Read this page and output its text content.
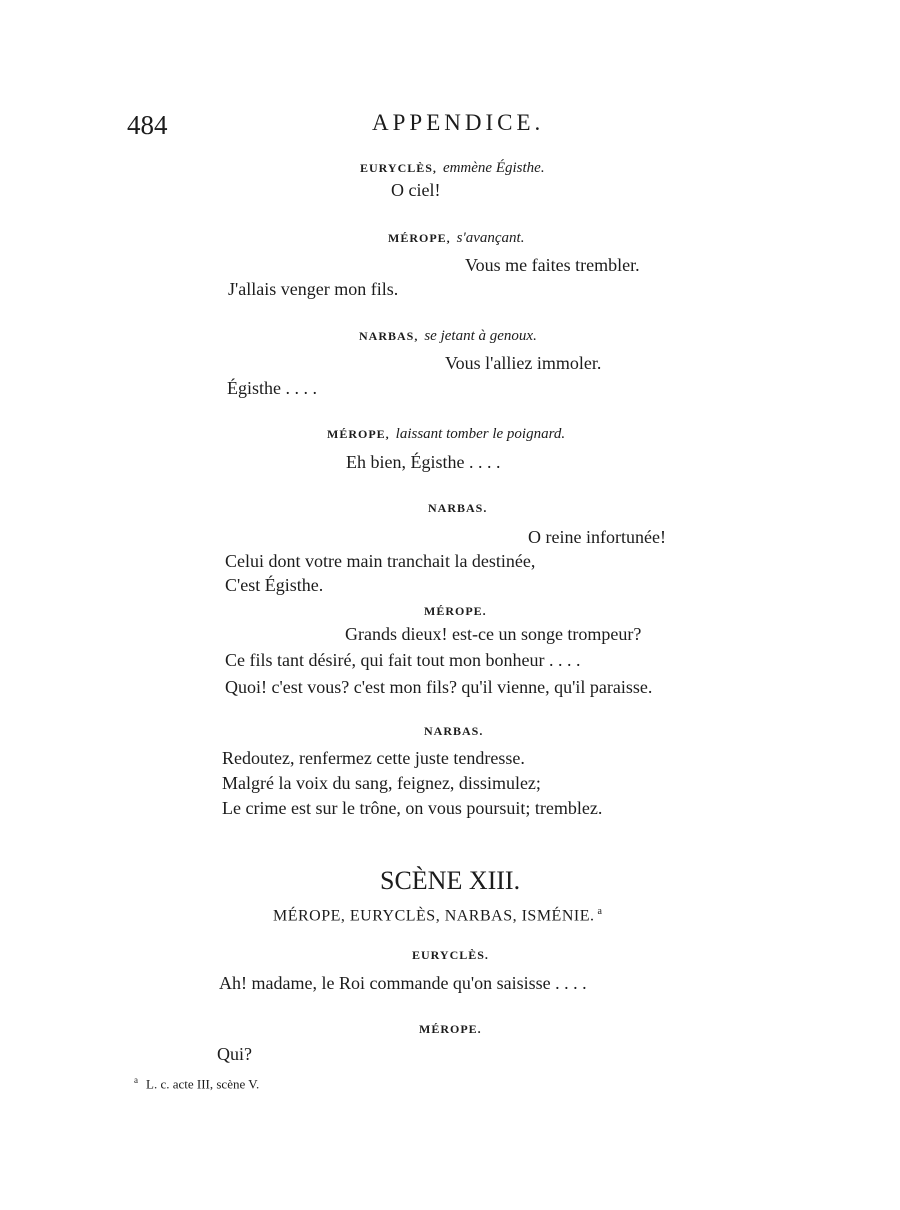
484	APPENDICE.
EURYCLÈS, emmène Égisthe.
O ciel!
MÉROPE, s'avançant.
Vous me faites trembler.
J'allais venger mon fils.
NARBAS, se jetant à genoux.
Vous l'alliez immoler.
Égisthe . . . .
MÉROPE, laissant tomber le poignard.
Eh bien, Égisthe . . . .
NARBAS.
O reine infortunée!
Celui dont votre main tranchait la destinée,
C'est Égisthe.
MÉROPE.
Grands dieux! est-ce un songe trompeur?
Ce fils tant désiré, qui fait tout mon bonheur . . . .
Quoi! c'est vous? c'est mon fils? qu'il vienne, qu'il paraisse.
NARBAS.
Redoutez, renfermez cette juste tendresse.
Malgré la voix du sang, feignez, dissimulez;
Le crime est sur le trône, on vous poursuit; tremblez.
SCÈNE XIII.
MÉROPE, EURYCLÈS, NARBAS, ISMÉNIE. $^a$
EURYCLÈS.
Ah! madame, le Roi commande qu'on saisisse . . . .
MÉROPE.
Qui?
$^a$ L. c. acte III, scène V.
